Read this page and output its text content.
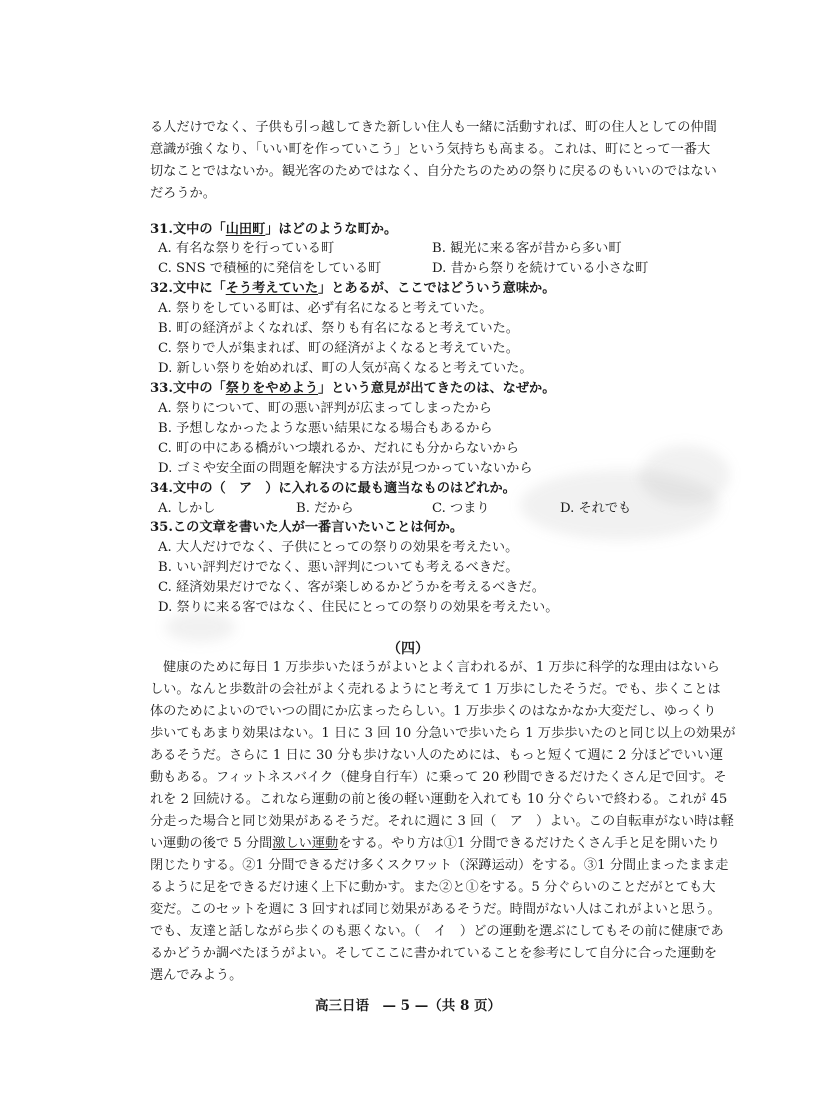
る人だけでなく、子供も引っ越してきた新しい住人も一緒に活動すれば、町の住人としての仲間
意識が強くなり、「いい町を作っていこう」という気持ちも高まる。これは、町にとって一番大
切なことではないか。観光客のためではなく、自分たちのための祭りに戻るのもいいのではない
だろうか。
31.文中の「山田町」はどのような町か。
A. 有名な祭りを行っている町	B. 観光に来る客が昔から多い町
C. SNS で積極的に発信をしている町	D. 昔から祭りを続けている小さな町
32.文中に「そう考えていた」とあるが、ここではどういう意味か。
A. 祭りをしている町は、必ず有名になると考えていた。
B. 町の経済がよくなれば、祭りも有名になると考えていた。
C. 祭りで人が集まれば、町の経済がよくなると考えていた。
D. 新しい祭りを始めれば、町の人気が高くなると考えていた。
33.文中の「祭りをやめよう」という意見が出てきたのは、なぜか。
A. 祭りについて、町の悪い評判が広まってしまったから
B. 予想しなかったような悪い結果になる場合もあるから
C. 町の中にある橋がいつ壊れるか、だれにも分からないから
D. ゴミや安全面の問題を解決する方法が見つかっていないから
34.文中の（　ア　）に入れるのに最も適当なものはどれか。
A. しかし	B. だから	C. つまり	D. それでも
35.この文章を書いた人が一番言いたいことは何か。
A. 大人だけでなく、子供にとっての祭りの効果を考えたい。
B. いい評判だけでなく、悪い評判についても考えるべきだ。
C. 経済効果だけでなく、客が楽しめるかどうかを考えるべきだ。
D. 祭りに来る客ではなく、住民にとっての祭りの効果を考えたい。
（四）
健康のために毎日 1 万歩歩いたほうがよいとよく言われるが、1 万歩に科学的な理由はないら
しい。なんと歩数計の会社がよく売れるようにと考えて 1 万歩にしたそうだ。でも、歩くことは
体のためによいのでいつの間にか広まったらしい。1 万歩歩くのはなかなか大変だし、ゆっくり
歩いてもあまり効果はない。1 日に 3 回 10 分急いで歩いたら 1 万歩歩いたのと同じ以上の効果が
あるそうだ。さらに 1 日に 30 分も歩けない人のためには、もっと短くて週に 2 分ほどでいい運
動もある。フィットネスバイク（健身自行车）に乗って 20 秒間できるだけたくさん足で回す。そ
れを 2 回続ける。これなら運動の前と後の軽い運動を入れても 10 分ぐらいで終わる。これが 45
分走った場合と同じ効果があるそうだ。それに週に 3 回（　ア　）よい。この自転車がない時は軽
い運動の後で 5 分間激しい運動をする。やり方は①1 分間できるだけたくさん手と足を開いたり
閉じたりする。②1 分間できるだけ多くスクワット（深蹲运动）をする。③1 分間止まったまま走
るように足をできるだけ速く上下に動かす。また②と①をする。5 分ぐらいのことだがとても大
変だ。このセットを週に 3 回すれば同じ効果があるそうだ。時間がない人はこれがよいと思う。
でも、友達と話しながら歩くのも悪くない。（　イ　）どの運動を選ぶにしてもその前に健康であ
るかどうか調べたほうがよい。そしてここに書かれていることを参考にして自分に合った運動を
選んでみよう。
高三日语　— 5 —（共 8 页）
